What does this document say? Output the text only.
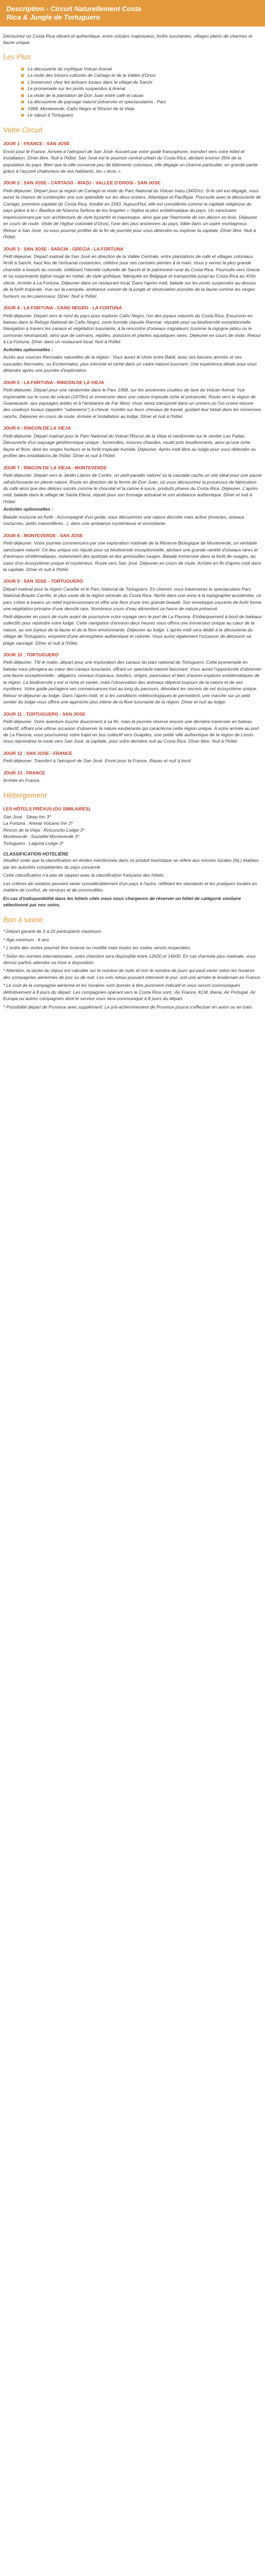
Description - Circuit Naturellement Costa
Rica & Jungle de Tortuguero

Découvrez un Costa Rica vibrant et authentique, entre volcans majestueux, forêts luxuriantes, villages pleins de charmes et faune unique.

Les Plus
La découverte du mythique Volcan Arenal
La visite des trésors culturels de Cartago et de la Vallée d'Orosi
L'immersion chez les artisans locaux dans le village de Sarchi
Le promenade sur les ponts suspendus à Arenal
La visite de la plantation de Don Juan entre café et cacao
La découverte de paysage naturel préservés et spectaculaires : Parc
1968, Monteverde, Caño Negro et Rincon de la Vieja
Le séjour à Tortuguero
Votre Circuit
JOUR 1 : FRANCE - SAN JOSE

Envol pour le France. Arrivée à l'aéroport de San José. Accueil par votre guide francophone, transfert vers votre hôtel et installation. Dîner libre. Nuit à l'hôtel. San José est le poumon central urbain du Costa Rica, abritant environ 35% de la population du pays. Bien que la ville conserve peu de bâtiments coloniaux, elle dégage un charme particulier, en grande partie grâce à l'accueil chaleureux de ses habitants, les « ticos ».

JOUR 2 : SAN JOSE - CARTAGO - IRAZU - VALLEE D'OROSI - SAN JOSE

Petit-déjeuner. Départ pour la région de Cartago et visite du Parc National du Volcan Irazu (3432m). Si le ciel est dégagé, vous aurez la chance de contempler une vue splendide sur les deux océans, Atlantique et Pacifique. Poursuite avec la découverte de Cartago, première capitale du Costa Rica, fondée en 1563. Aujourd'hui, elle est considérée comme la capitale religieuse du pays grâce à la « Basilica de Nuestra Señora de los Angeles » l'église la plus emblématique du pays. Un sanctuaire impressionnant par son architecture de style byzantin et mauresque, ainsi que par l'harmonie de ses décors en bois. Déjeuner en cours de route. Visite de l'église coloniale d'Orosi, l'une des plus anciennes du pays, bâtie dans un cadre montagneux. Retour à San José, où vous pourrez profiter de la fin de journée pour vous détendre ou explorer la capitale. Dîner libre. Nuit à l'hôtel.

JOUR 3 : SAN JOSE - SARCHI - GRECIA - LA FORTUNA

Petit-déjeuner. Départ matinal de San José en direction de la Vallée Centrale, entre plantations de café et villages coloniaux. Arrêt à Sarchi, haut lieu de l'artisanat costaricien, célèbre pour ses carrioles peintes à la main. Vous y verrez la plus grande charrette à boeufs du monde, célébrant l'identité culturelle de Sarchi et le patrimoine rural du Costa Rica. Poursuite vers Grecia et sa surprenante église rouge en métal, de style gothique, fabriquée en Belgique et transportée jusqu'au Costa Rica au XIXe siècle. Arrivée à La Fortuna. Déjeuner dans un restaurant local. Dans l'après-midi, balade sur les ponts suspendus au-dessus de la forêt tropicale. Vue sur la canopée, ambiance sonore de la jungle et observation possible de la faune comme les singes hurleurs ou les paresseux. Dîner. Nuit à l'hôtel.

JOUR 4 : LA FORTUNA - CANO NEGRO - LA FORTUNA

Petit-déjeuner. Départ vers le nord du pays pour explorer Caño Negro, l'un des joyaux naturels du Costa Rica. Excursion en bateau dans le Refuge National de Caño Negro, zone humide classée Ramsar, réputée pour sa biodiversité exceptionnelle. Navigation à travers les canaux et végétation luxuriante, à la rencontre d'oiseaux migrateurs (comme la cigogne jabiru ou le cormoran néotropical), ainsi que de caïmans, reptiles, poissons et plantes aquatiques rares. Déjeuner en cours de visite. Retour à La Fortuna. Dîner dans un restaurant local. Nuit à l'hôtel.

Activités optionnelles :

Accès aux sources thermales naturelles de la région : Vous aurez le choix entre Baldi, avec ses bassins animés et ses cascades thermales, ou Ecotermales, plus intimiste et niché dans un cadre naturel luxuriant. Une expérience idéale pour vous détendre après une journée d'exploration.

JOUR 5 : LA FORTUNA - RINCON DE LA VIEJA

Petit-déjeuner. Départ pour une randonnée dans le Parc 1968, sur les anciennes coulées de lave du Volcan Arenal. Vue imprenable sur le cone du volcan (1670m) et immersion dans une nature tropicale riche et préservée. Route vers la région de Guanacaste, aux paysages arides et à l'ambiance de Far West. Vous serez transporté dans un univers où l'on croise encore des cowboys locaux (appelés "sabaneros") à cheval, montés sur leurs chevaux de travail, guidant leur bétail dans les immenses ranchs. Déjeuner en cours de route. Arrivée et installation au lodge. Dîner et nuit à l'hôtel.

JOUR 6 : RINCON DE LA VIEJA

Petit-déjeuner. Départ matinal pour le Parc National du Volcan Rincon de la Vieja et randonnée sur le sentier Las Pailas. Découverte d'un paysage géothermique unique : fumerolles, sources chaudes, mudd pots bouillonnants, ainsi qu'une riche faune et flore, dont les singes hurleurs et la forêt tropicale humide. Déjeuner. Après-midi libre au lodge pour vous détendre ou profiter des installations de l'hôtel. Dîner et nuit à l'hôtel.

JOUR 7 : RINCON DE LA VIEJA - MONTEVERDE

Petit-déjeuner. Départ vers le Jardin Llanos de Cortés, un petit paradis naturel où la cascade cache un site idéal pour une pause rafraîchissante en pleine nature. Route en direction de la ferme de Don Juan, où vous découvrirez la processus de fabrication du café ainsi que des délices sucrés comme le chocolat et la canne à sucre, produits phares du Costa Rica. Déjeuner. L'après-midi, balade dans le village de Santa Elena, réputé pour son fromage artisanal et son ambiance authentique. Dîner et nuit à l'hôtel.

Activités optionnelles :

Balade nocturne en forêt : Accompagné d'un guide, vous découvrirez une nature discrète mais active (insectes, oiseaux nocturnes, petits mammifères...), dans une ambiance mystérieuse et envoûtante.

JOUR 8 : MONTEVERDE - SAN JOSE

Petit-déjeuner. Votre journée commencera par une exploration matinale de la Réserve Biologique de Monteverde, un véritable sanctuaire naturel. Ce lieu unique est réputé pour sa biodiversité exceptionnelle, abritant une grande variété d'oiseaux rares et d'animaux emblématiques, notamment des quetzals et des grenouilles rouges. Balade immersive dans la forêt de nuages, au cœur d'un écosystème unique et mystérieux. Route vers San José. Déjeuner en cours de route. Arrivée en fin d'après-midi dans la capitale. Dîner et nuit à l'hôtel.

JOUR 9 : SAN JOSE - TORTUGUERO

Départ matinal pour la région Caraïbe et le Parc National de Tortuguero. En chemin, vous traverserez le spectaculaire Parc National Braulio Carrillo, le plus vaste de la région centrale du Costa Rica. Niché dans une zone à la topographie accidentée, ce parc s'étire à travers un relief impressionnant et offre une flore d'une très grande beauté. Son enveloppe couverte de forêt forme une végétation primaire d'une densité rare. Nombreux cours d'eau alimentent ce havre de nature préservé.

Petit-déjeuner en cours de route avant de poursuivre votre voyage vers le port de La Pavona. Embarquement à bord de bateaux collectifs pour rejoindre votre lodge. Cette navigation d'environ deux heures vous offrira une immersion unique au cœur de la nature, au son joyeux de la faune et de la flore environnante. Déjeuner au lodge. L'après-midi sera dédié à la découverte du village de Tortuguero, empreint d'une atmosphère authentique et colorée. Vous aurez également l'occasion de découvrir sa plage sauvage. Dîner et nuit à l'hôtel.

JOUR 10 : TORTUGUERO

Petit-déjeuner. Tôt le matin, départ pour une exploration des canaux du parc national de Tortuguero. Cette promenade en bateau vous plongera au cœur des canaux luxuriants, offrant un spectacle naturel fascinant. Vous aurez l'opportunité d'observer une faune exceptionnelle : alligators, oiseaux tropicaux, basilics, singes, paresseux et bien d'autres espèces emblématiques de la région. La biodiversité y est si riche et variée, mais l'observation des animaux dépend toujours de la nature et de ses mystères. Votre guide partagera ses connaissances tout au long du parcours, dévoilant les secrets de cet écosystème unique. Retour et déjeuner au lodge. Dans l'après-midi, et si les conditions météorologiques le permettent, une marche sur un petit sentier du lodge vous offrira une approche plus intime de la flore luxuriante de la région. Dîner et nuit au lodge.

JOUR 11 : TORTUGUERO - SAN JOSE

Petit-déjeuner. Votre aventure touche doucement à sa fin, mais la journée réserve encore une dernière traversée en bateau collectif, offrant une ultime occasion d'observer la nature exubérante qui caractérise cette région unique. A votre arrivée au port de La Pavona, vous poursuivrez votre trajet en bus collectif vers Guapiles, une petite ville authentique de la région de Limón. Vous reprendrez la route vers San José, la capitale, pour votre dernière nuit au Costa Rica. Dîner libre. Nuit à l'hôtel.

JOUR 12 : SAN JOSE - FRANCE

Petit-déjeuner. Transfert à l'aéroport de San José. Envol pour la France. Repas et nuit à bord.

JOUR 13 : FRANCE

Arrivée en France.

Hébergement
LES HÔTELS PRÉVUS (OU SIMILAIRES)

San José : Sleep Inn 3*

La Fortuna : Arenal Volcano Inn 3*

Rincon de la Vieja : Rinconcito Lodge 3*

Monteverde : Socialtel Monteverde 3*

Tortuguero : Laguna Lodge 3*

CLASSIFICATION HOTELIÈRE

Veuillez noter que la classification en étoiles mentionnée dans ce produit touristique se réfère aux normes locales (NL) établies par les autorités compétentes du pays concerné.

Cette classification n'a pas de rapport avec la classification française des hôtels.

Les critères de notation peuvent varier considérablement d'un pays à l'autre, reflétant les standards et les pratiques locales en matière de confort, de services et de commodités.

En cas d'indisponibilité dans les hôtels cités nous nous chargeons de réserver un hôtel de catégorie similaire sélectionné par nos soins.

Bon à savoir

* Départ garanti de 3 à 20 participants maximum

* Âge minimum : 6 ans

* L'ordre des visites pourrait être inversé ou modifié mais toutes les visites seront respectées.

* Selon les normes internationales, votre chambre sera disponible entre 12h00 et 14h00. En cas d'arrivée plus matinale, vous devrez parfois attendre sa mise à disposition.

* Attention, la durée du séjour est calculée sur le nombre de nuits et non le nombre de jours qui peut varier selon les horaires des compagnies aériennes de jour ou de nuit. Les vols retour pouvant intervenir le jour, soit une arrivée le lendemain en France.

* Le coût de la compagnie aérienne et les horaires sont donnés à titre purement indicatif et vous seront communiqués définitivement à 8 jours du départ. Les compagnies opérant vers le Costa Rica sont : Air France, KLM, Iberia, Air Portugal. Air Europa ou autres compagnies dont le service vous sera communiqué à 8 jours du départ.

* Possibilité départ de Province avec supplément. Le pré-acheminement de Province pourra s'effectuer en avion ou en train.
